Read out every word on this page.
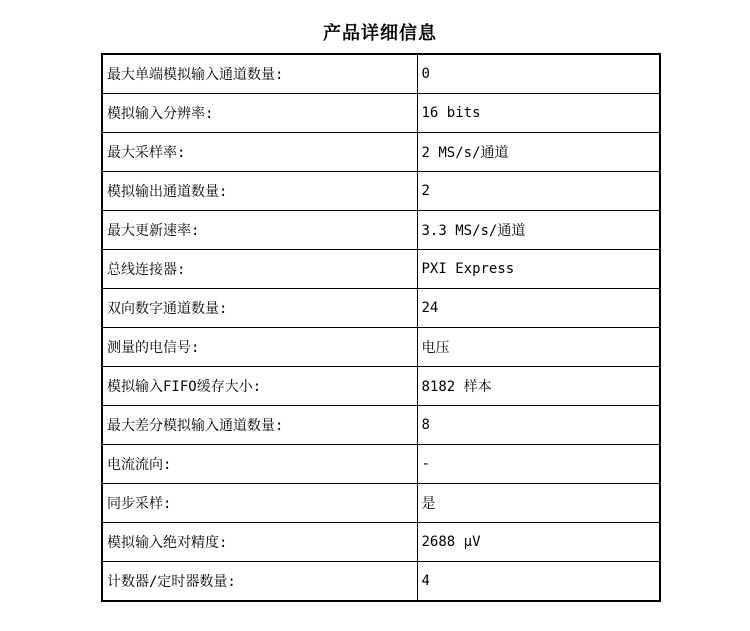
产品详细信息
最大单端模拟输入通道数量:	0
模拟输入分辨率:	16 bits
最大采样率:	2 MS/s/通道
模拟输出通道数量:	2
最大更新速率:	3.3 MS/s/通道
总线连接器:	PXI Express
双向数字通道数量:	24
测量的电信号:	电压
模拟输入FIFO缓存大小:	8182 样本
最大差分模拟输入通道数量:	8
电流流向:	-
同步采样:	是
模拟输入绝对精度:	2688 μV
计数器/定时器数量:	4
